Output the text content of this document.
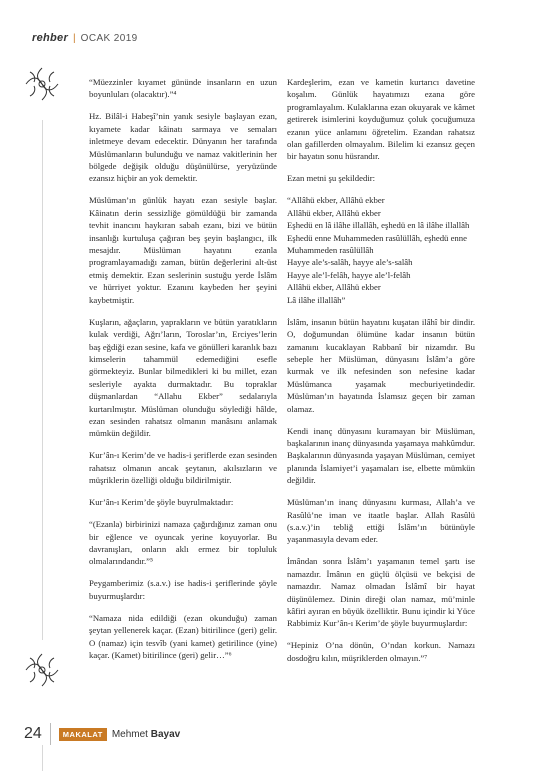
rehber | OCAK 2019

“Müezzinler kıyamet gününde insanların en uzun boyunluları (olacaktır).”⁴

Hz. Bilâl-i Habeşî’nin yanık sesiyle başlayan ezan, kıyamete kadar kâinatı sarmaya ve semaları inletmeye devam edecektir. Dünyanın her tarafında Müslümanların bulunduğu ve namaz vakitlerinin her bölgede değişik olduğu düşünülürse, yeryüzünde ezansız hiçbir an yok demektir.

Müslüman’ın günlük hayatı ezan sesiyle başlar. Kâinatın derin sessizliğe gömüldüğü bir zamanda tevhit inancını haykıran sabah ezanı, bizi ve bütün insanlığı kurtuluşa çağıran beş şeyin başlangıcı, ilk mesajdır. Müslüman hayatını ezanla programlayamadığı zaman, bütün değerlerini alt-üst etmiş demektir. Ezan seslerinin sustuğu yerde İslâm ve hürriyet yoktur. Ezanını kaybeden her şeyini kaybetmiştir.

Kuşların, ağaçların, yaprakların ve bütün yaratıkların kulak verdiği, Ağrı’ların, Toroslar’ın, Erciyes’lerin baş eğdiği ezan sesine, kafa ve gönülleri karanlık bazı kimselerin tahammül edemediğini esefle görmekteyiz. Bunlar bilmedikleri ki bu millet, ezan sesleriyle ayakta durmaktadır. Bu topraklar düşmanlardan “Allahu Ekber” sedalarıyla kurtarılmıştır. Müslüman olunduğu söylediği hâlde, ezan sesinden rahatsız olmanın manâsını anlamak mümkün değildir.

Kur’ân-ı Kerim’de ve hadis-i şeriflerde ezan sesinden rahatsız olmanın ancak şeytanın, akılsızların ve müşriklerin özelliği olduğu bildirilmiştir.

Kur’ân-ı Kerim’de şöyle buyrulmaktadır:

“(Ezanla) birbirinizi namaza çağırdığınız zaman onu bir eğlence ve oyuncak yerine koyuyorlar. Bu davranışları, onların aklı ermez bir topluluk olmalarındandır.”⁵

Peygamberimiz (s.a.v.) ise hadis-i şeriflerinde şöyle buyurmuşlardır:

“Namaza nida edildiği (ezan okunduğu) zaman şeytan yellenerek kaçar. (Ezan) bitirilince (geri) gelir. O (namaz) için tesvîb (yani kamet) getirilince (yine) kaçar. (Kamet) bitirilince (geri) gelir…”⁶

Kardeşlerim, ezan ve kametin kurtarıcı davetine koşalım. Günlük hayatımızı ezana göre programlayalım. Kulaklarına ezan okuyarak ve kâmet getirerek isimlerini koyduğumuz çoluk çocuğumuza ezanın yüce anlamını öğretelim. Ezandan rahatsız olan gafillerden olmayalım. Bilelim ki ezansız geçen bir hayatın sonu hüsrandır.

Ezan metni şu şekildedir:

“Allâhü ekber, Allâhü ekber
Allâhü ekber, Allâhü ekber
Eşhedü en lâ ilâhe illallâh, eşhedü en lâ ilâhe illallâh
Eşhedü enne Muhammeden rasûlüllâh, eşhedü enne Muhammeden rasûlüllâh
Hayye ale’s-salâh, hayye ale’s-salâh
Hayye ale’l-felâh, hayye ale’l-felâh
Allâhü ekber, Allâhü ekber
Lâ ilâhe illallâh”

İslâm, insanın bütün hayatını kuşatan ilâhî bir dindir. O, doğumundan ölümüne kadar insanın bütün zamanını kucaklayan Rabbanî bir nizamdır. Bu sebeple her Müslüman, dünyasını İslâm’a göre kurmak ve ilk nefesinden son nefesine kadar Müslümanca yaşamak mecburiyetindedir. Müslüman’ın hayatında İslamsız geçen bir zaman olamaz.

Kendi inanç dünyasını kuramayan bir Müslüman, başkalarının inanç dünyasında yaşamaya mahkûmdur. Başkalarının dünyasında yaşayan Müslüman, cemiyet planında İslamiyet’i yaşamaları ise, elbette mümkün değildir.

Müslüman’ın inanç dünyasını kurması, Allah’a ve Rasûlü’ne iman ve itaatle başlar. Allah Rasûlü (s.a.v.)’in tebliğ ettiği İslâm’ın bütünüyle yaşanmasıyla devam eder.

İmândan sonra İslâm’ı yaşamanın temel şartı ise namazdır. İmânın en güçlü ölçüsü ve bekçisi de namazdır. Namaz olmadan İslâmî bir hayat düşünülemez. Dinin direği olan namaz, mü’minle kâfiri ayıran en büyük özelliktir. Bunu içindir ki Yüce Rabbimiz Kur’ân-ı Kerim’de şöyle buyurmuşlardır:

“Hepiniz O’na dönün, O’ndan korkun. Namazı dosdoğru kılın, müşriklerden olmayın.”⁷

24	MAKALAT Mehmet Bayav
